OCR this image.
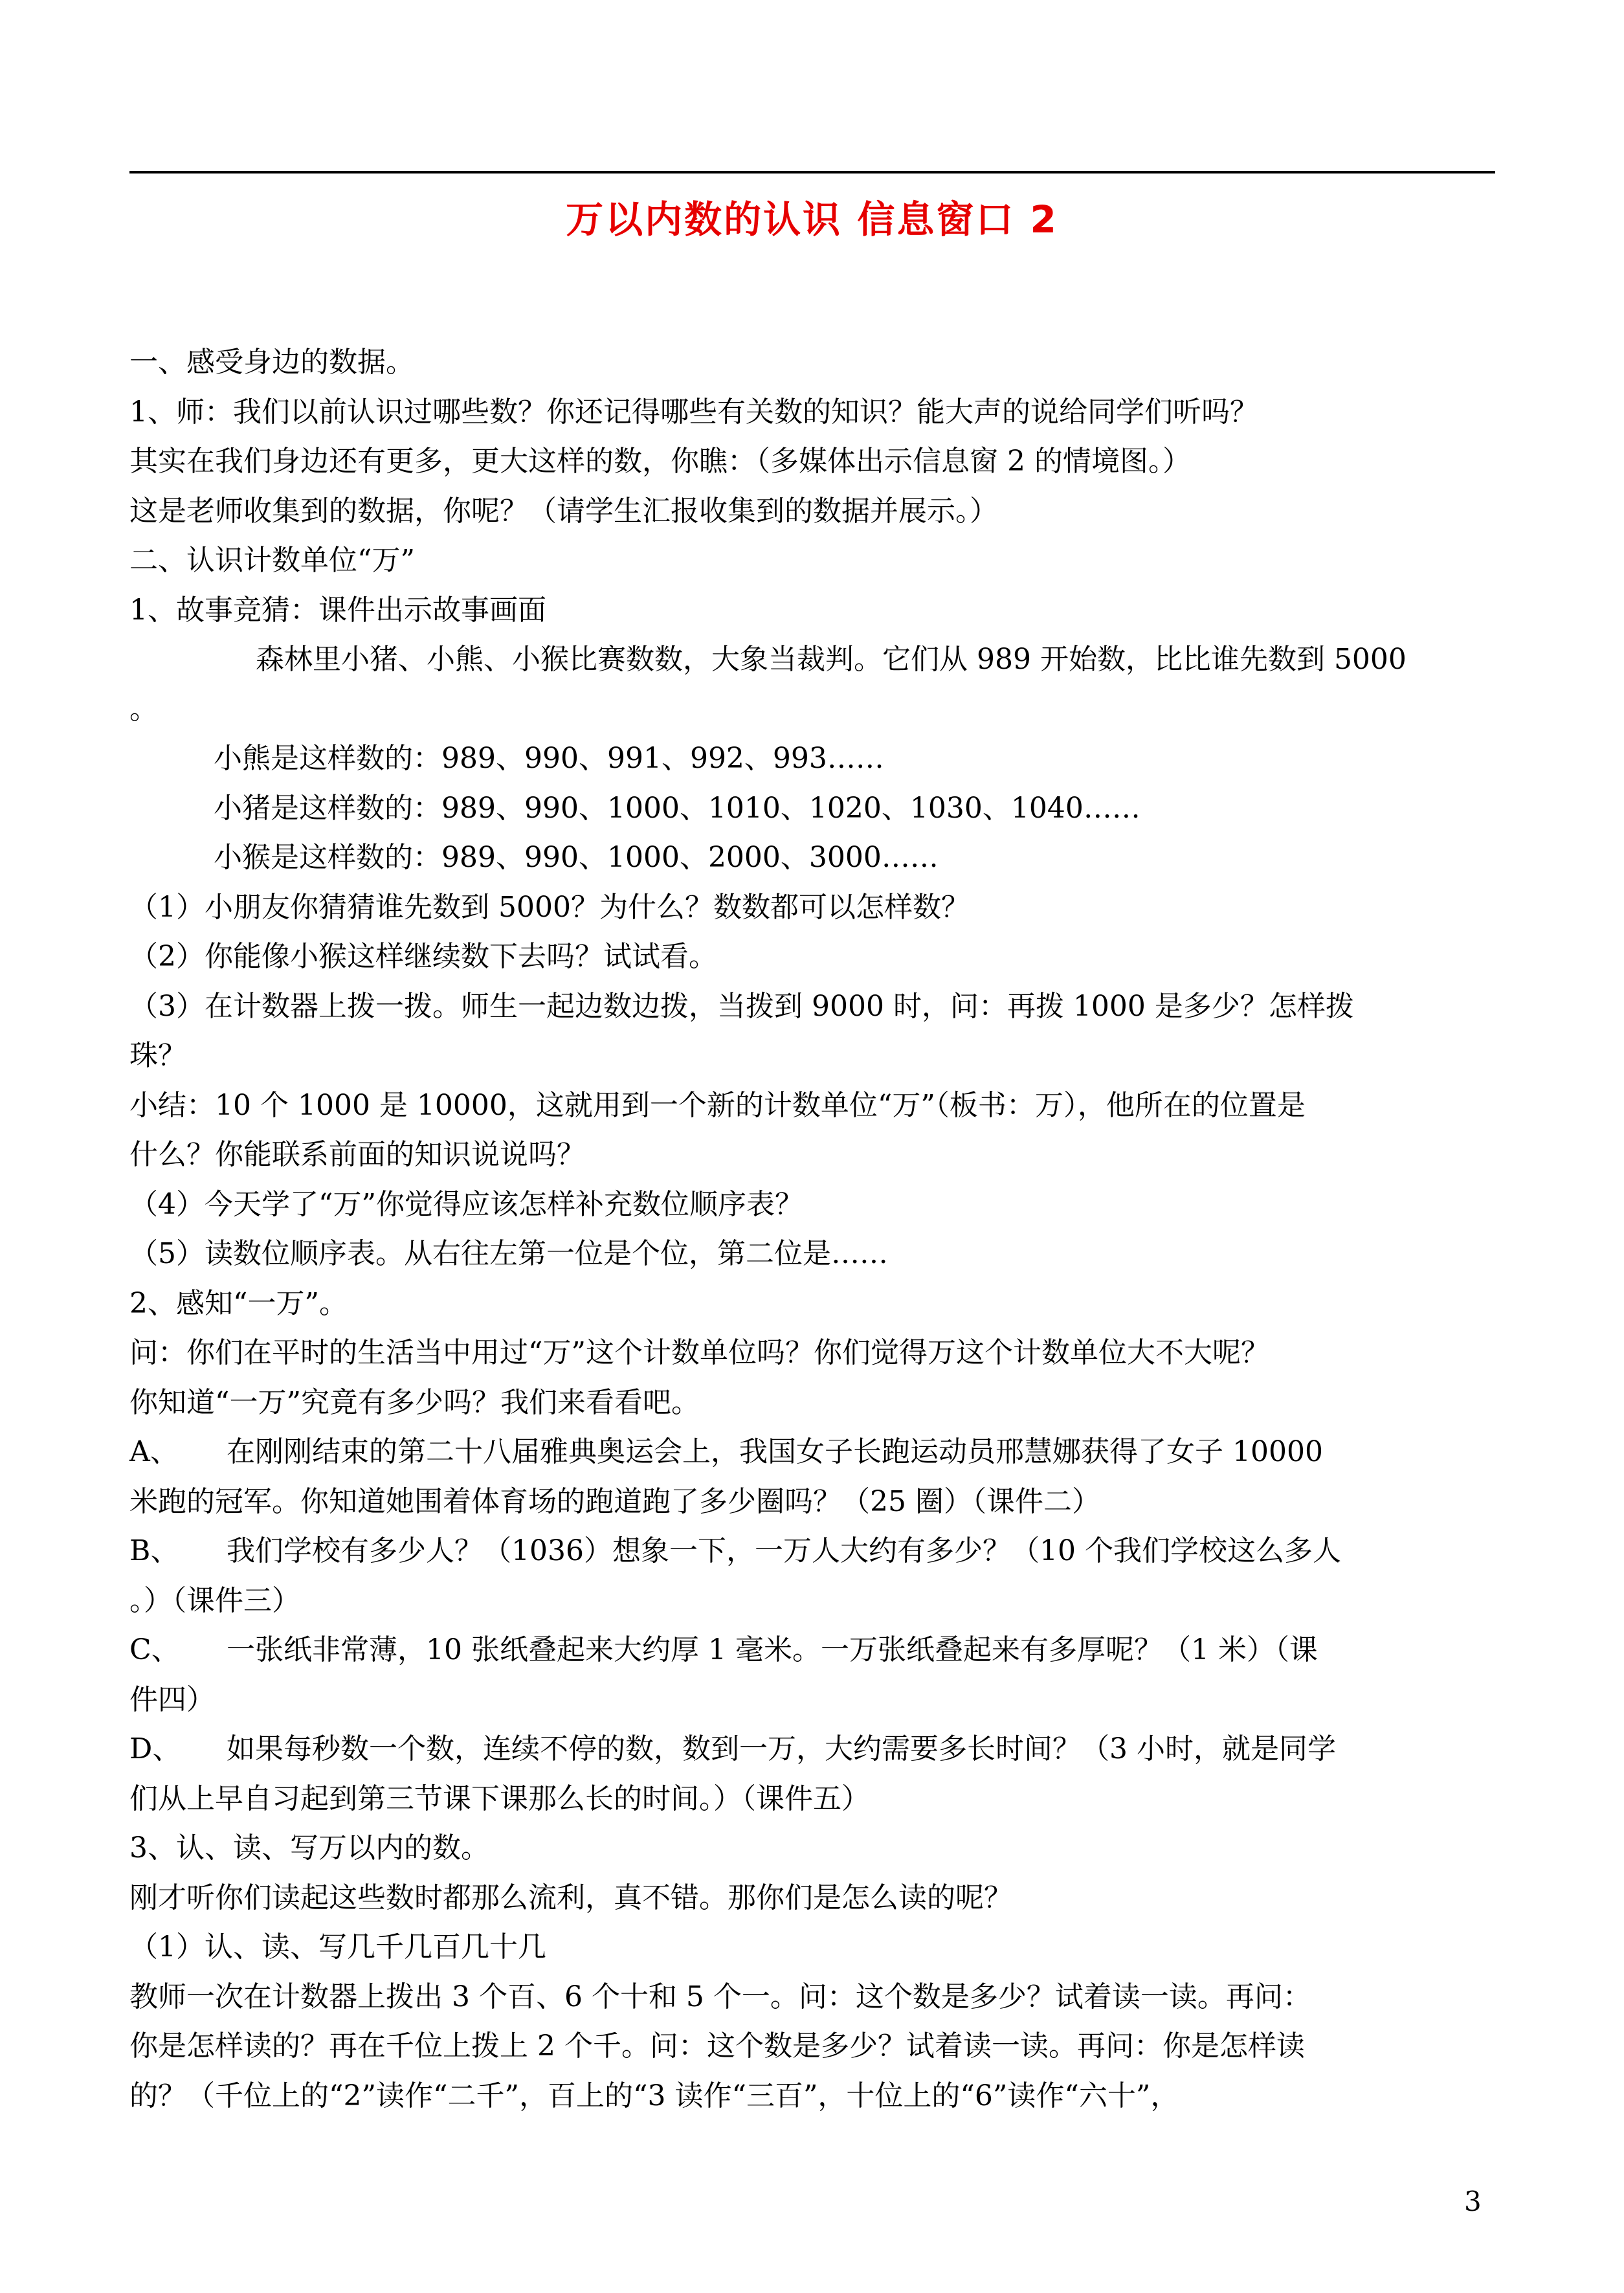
万以内数的认识 信息窗口 2

一、感受身边的数据。

1、师：我们以前认识过哪些数？你还记得哪些有关数的知识？能大声的说给同学们听吗？

其实在我们身边还有更多，更大这样的数，你瞧：（多媒体出示信息窗 2 的情境图。）

这是老师收集到的数据，你呢？（请学生汇报收集到的数据并展示。）

二、认识计数单位“万”

1、故事竞猜：课件出示故事画面

森林里小猪、小熊、小猴比赛数数，大象当裁判。它们从 989 开始数，比比谁先数到 5000

。

小熊是这样数的：989、990、991、992、993……

小猪是这样数的：989、990、1000、1010、1020、1030、1040……

小猴是这样数的：989、990、1000、2000、3000……

（1）小朋友你猜猜谁先数到 5000？为什么？数数都可以怎样数？

（2）你能像小猴这样继续数下去吗？试试看。

（3）在计数器上拨一拨。师生一起边数边拨，当拨到 9000 时，问：再拨 1000 是多少？怎样拨

珠？

小结：10 个 1000 是 10000，这就用到一个新的计数单位“万”（板书：万），他所在的位置是

什么？你能联系前面的知识说说吗？

（4）今天学了“万”你觉得应该怎样补充数位顺序表？

（5）读数位顺序表。从右往左第一位是个位，第二位是……

2、感知“一万”。

问：你们在平时的生活当中用过“万”这个计数单位吗？你们觉得万这个计数单位大不大呢？

你知道“一万”究竟有多少吗？我们来看看吧。

A、 在刚刚结束的第二十八届雅典奥运会上，我国女子长跑运动员邢慧娜获得了女子 10000

米跑的冠军。你知道她围着体育场的跑道跑了多少圈吗？（25 圈）（课件二）

B、 我们学校有多少人？（1036）想象一下，一万人大约有多少？（10 个我们学校这么多人

。）（课件三）

C、 一张纸非常薄，10 张纸叠起来大约厚 1 毫米。一万张纸叠起来有多厚呢？（1 米）（课

件四）

D、 如果每秒数一个数，连续不停的数，数到一万，大约需要多长时间？（3 小时，就是同学

们从上早自习起到第三节课下课那么长的时间。）（课件五）

3、认、读、写万以内的数。

刚才听你们读起这些数时都那么流利，真不错。那你们是怎么读的呢？

（1）认、读、写几千几百几十几

教师一次在计数器上拨出 3 个百、6 个十和 5 个一。问：这个数是多少？试着读一读。再问：

你是怎样读的？再在千位上拨上 2 个千。问：这个数是多少？试着读一读。再问：你是怎样读

的？（千位上的“2”读作“二千”，百上的“3 读作“三百”，十位上的“6”读作“六十”，

3
